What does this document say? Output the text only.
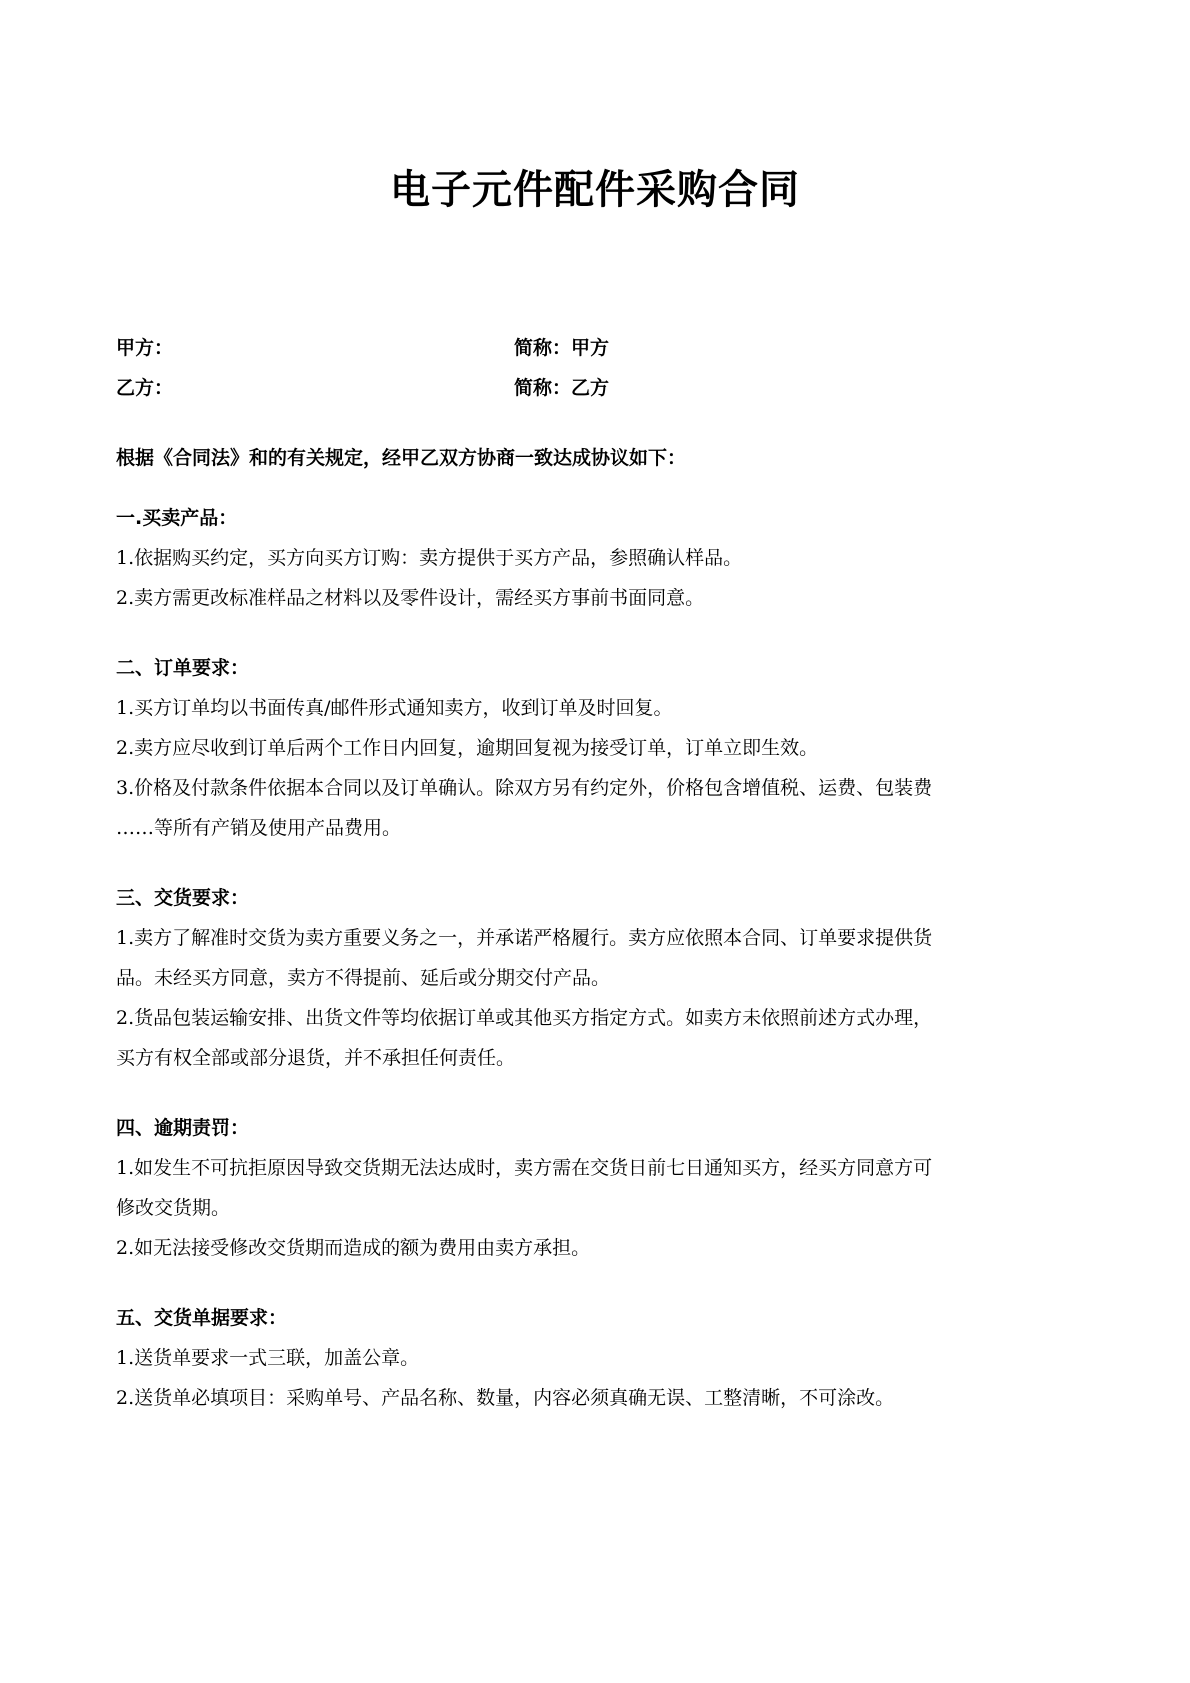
电子元件配件采购合同
甲方：	简称：甲方
乙方：	简称：乙方
根据《合同法》和的有关规定，经甲乙双方协商一致达成协议如下：
一.买卖产品：
1.依据购买约定，买方向买方订购：卖方提供于买方产品，参照确认样品。
2.卖方需更改标准样品之材料以及零件设计，需经买方事前书面同意。
二、订单要求：
1.买方订单均以书面传真/邮件形式通知卖方，收到订单及时回复。
2.卖方应尽收到订单后两个工作日内回复，逾期回复视为接受订单，订单立即生效。
3.价格及付款条件依据本合同以及订单确认。除双方另有约定外，价格包含增值税、运费、包装费
……等所有产销及使用产品费用。
三、交货要求：
1.卖方了解准时交货为卖方重要义务之一，并承诺严格履行。卖方应依照本合同、订单要求提供货
品。未经买方同意，卖方不得提前、延后或分期交付产品。
2.货品包装运输安排、出货文件等均依据订单或其他买方指定方式。如卖方未依照前述方式办理，
买方有权全部或部分退货，并不承担任何责任。
四、逾期责罚：
1.如发生不可抗拒原因导致交货期无法达成时，卖方需在交货日前七日通知买方，经买方同意方可
修改交货期。
2.如无法接受修改交货期而造成的额为费用由卖方承担。
五、交货单据要求：
1.送货单要求一式三联，加盖公章。
2.送货单必填项目：采购单号、产品名称、数量，内容必须真确无误、工整清晰，不可涂改。
